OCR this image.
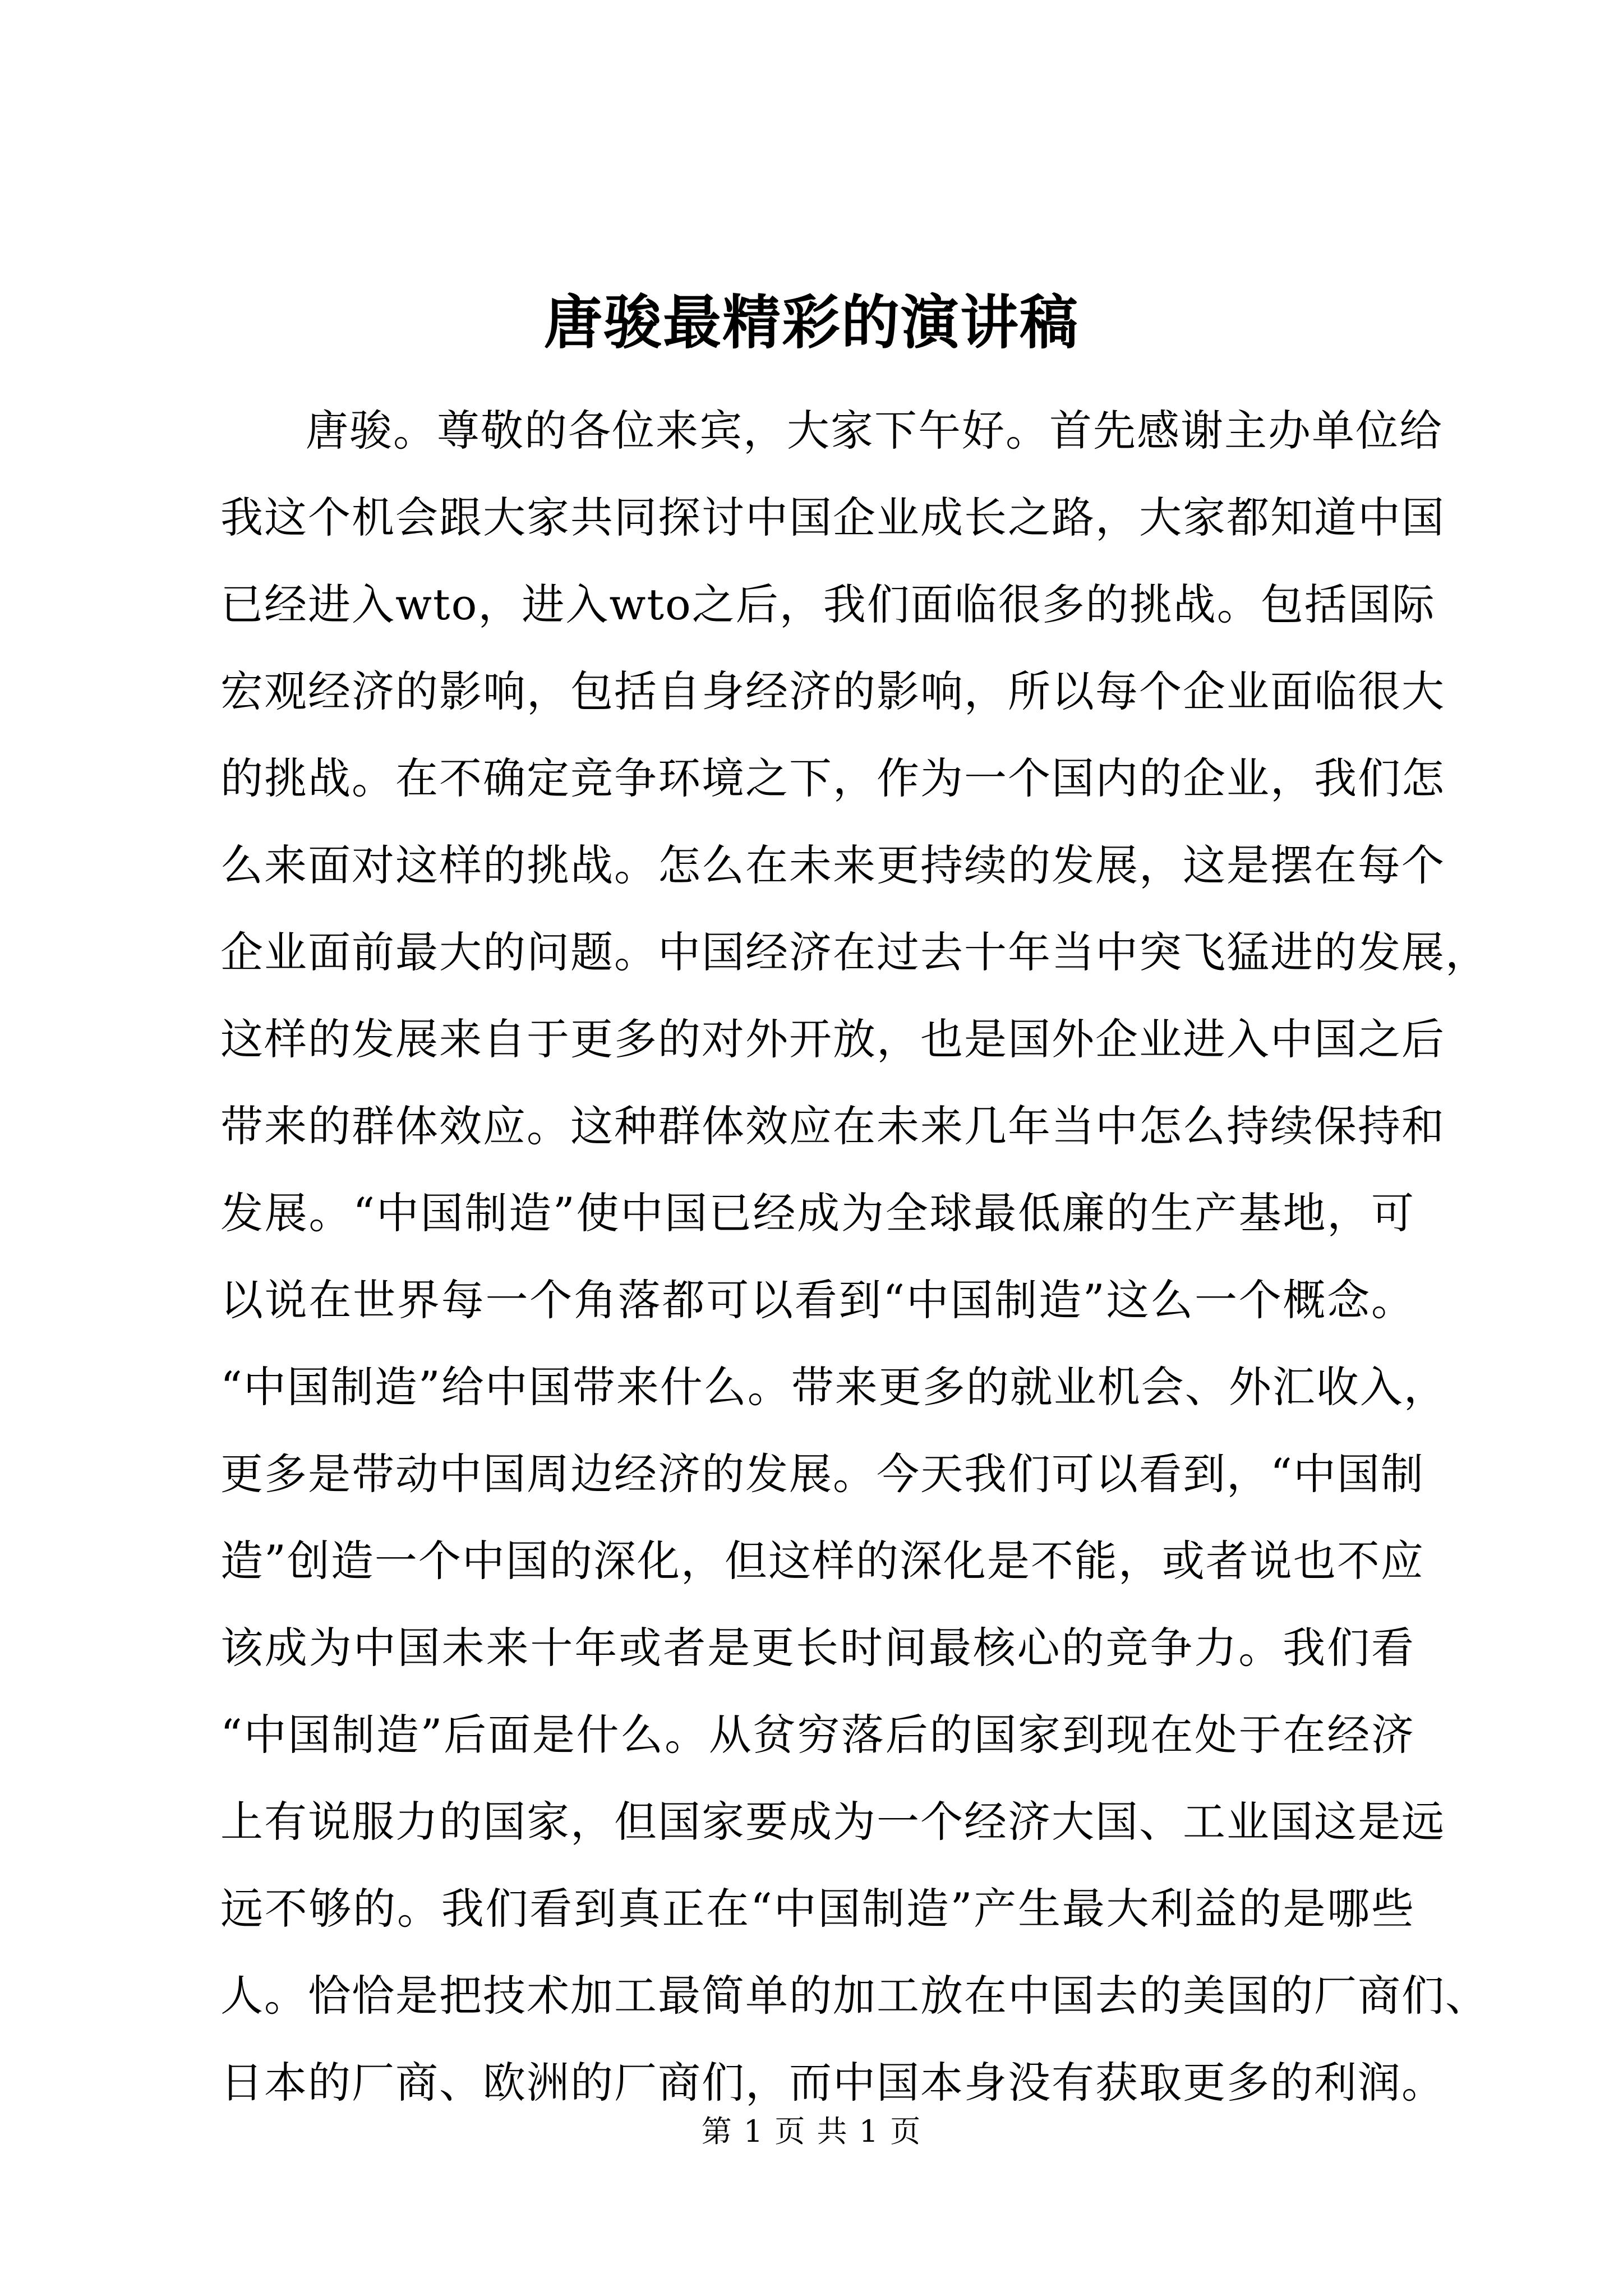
唐骏最精彩的演讲稿
唐骏。尊敬的各位来宾，大家下午好。首先感谢主办单位给
我这个机会跟大家共同探讨中国企业成长之路，大家都知道中国
已经进入wto，进入wto之后，我们面临很多的挑战。包括国际
宏观经济的影响，包括自身经济的影响，所以每个企业面临很大
的挑战。在不确定竞争环境之下，作为一个国内的企业，我们怎
么来面对这样的挑战。怎么在未来更持续的发展，这是摆在每个
企业面前最大的问题。中国经济在过去十年当中突飞猛进的发展，
这样的发展来自于更多的对外开放，也是国外企业进入中国之后
带来的群体效应。这种群体效应在未来几年当中怎么持续保持和
发展。“中国制造”使中国已经成为全球最低廉的生产基地，可
以说在世界每一个角落都可以看到“中国制造”这么一个概念。
“中国制造”给中国带来什么。带来更多的就业机会、外汇收入，
更多是带动中国周边经济的发展。今天我们可以看到，“中国制
造”创造一个中国的深化，但这样的深化是不能，或者说也不应
该成为中国未来十年或者是更长时间最核心的竞争力。我们看
“中国制造”后面是什么。从贫穷落后的国家到现在处于在经济
上有说服力的国家，但国家要成为一个经济大国、工业国这是远
远不够的。我们看到真正在“中国制造”产生最大利益的是哪些
人。恰恰是把技术加工最简单的加工放在中国去的美国的厂商们、
日本的厂商、欧洲的厂商们，而中国本身没有获取更多的利润。
第 1 页 共 1 页
